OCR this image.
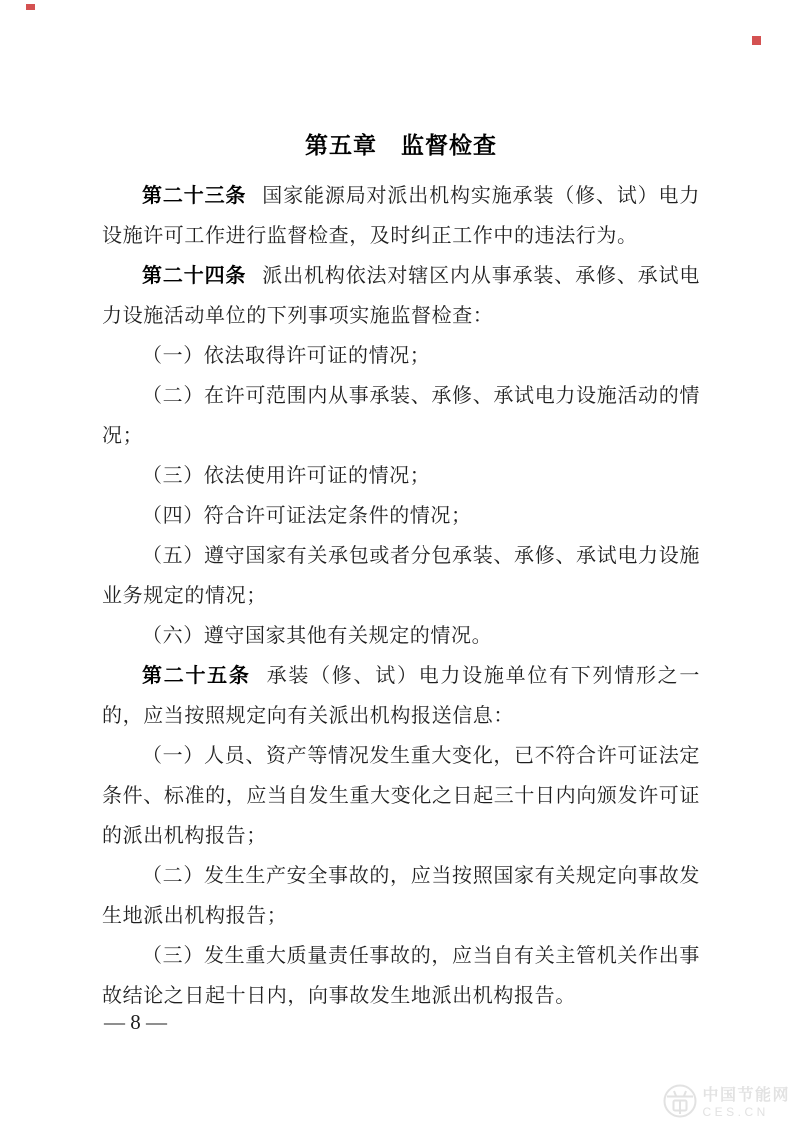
第五章　监督检查

第二十三条 国家能源局对派出机构实施承装（修、试）电力设施许可工作进行监督检查，及时纠正工作中的违法行为。

第二十四条 派出机构依法对辖区内从事承装、承修、承试电力设施活动单位的下列事项实施监督检查：

（一）依法取得许可证的情况；

（二）在许可范围内从事承装、承修、承试电力设施活动的情况；

（三）依法使用许可证的情况；

（四）符合许可证法定条件的情况；

（五）遵守国家有关承包或者分包承装、承修、承试电力设施业务规定的情况；

（六）遵守国家其他有关规定的情况。

第二十五条 承装（修、试）电力设施单位有下列情形之一的，应当按照规定向有关派出机构报送信息：

（一）人员、资产等情况发生重大变化，已不符合许可证法定条件、标准的，应当自发生重大变化之日起三十日内向颁发许可证的派出机构报告；

（二）发生生产安全事故的，应当按照国家有关规定向事故发生地派出机构报告；

（三）发生重大质量责任事故的，应当自有关主管机关作出事故结论之日起十日内，向事故发生地派出机构报告。

— 8 —
中国节能网
CES.CN
